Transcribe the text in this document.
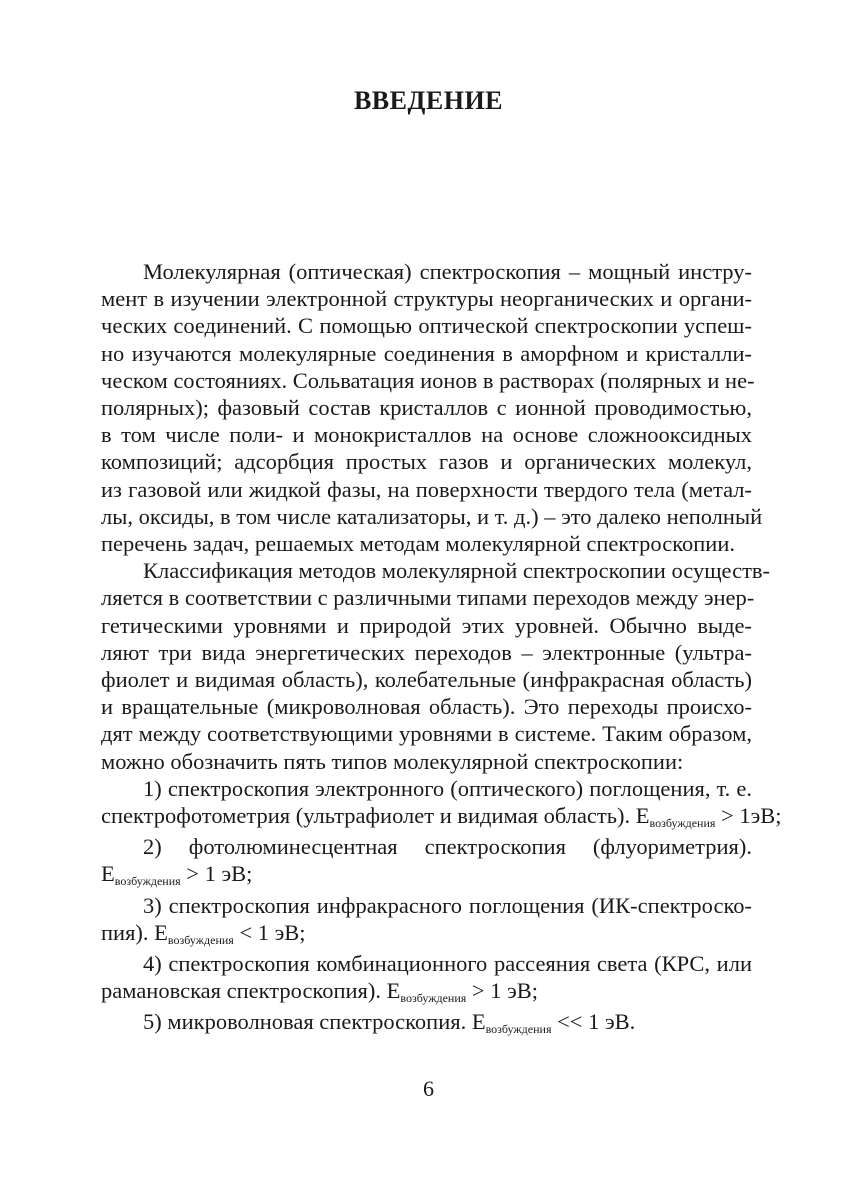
ВВЕДЕНИЕ
Молекулярная (оптическая) спектроскопия – мощный инстру-
мент в изучении электронной структуры неорганических и органи-
ческих соединений. С помощью оптической спектроскопии успеш-
но изучаются молекулярные соединения в аморфном и кристалли-
ческом состояниях. Сольватация ионов в растворах (полярных и не-
полярных); фазовый состав кристаллов с ионной проводимостью,
в том числе поли- и монокристаллов на основе сложнооксидных
композиций; адсорбция простых газов и органических молекул,
из газовой или жидкой фазы, на поверхности твердого тела (метал-
лы, оксиды, в том числе катализаторы, и т. д.) – это далеко неполный
перечень задач, решаемых методам молекулярной спектроскопии.
Классификация методов молекулярной спектроскопии осуществ-
ляется в соответствии с различными типами переходов между энер-
гетическими уровнями и природой этих уровней. Обычно выде-
ляют три вида энергетических переходов – электронные (ультра-
фиолет и видимая область), колебательные (инфракрасная область)
и вращательные (микроволновая область). Это переходы происхо-
дят между соответствующими уровнями в системе. Таким образом,
можно обозначить пять типов молекулярной спектроскопии:
1) спектроскопия электронного (оптического) поглощения, т. е.
спектрофотометрия (ультрафиолет и видимая область). $E_{возбуждения} > 1эВ$;
2) фотолюминесцентная спектроскопия (флуориметрия).
$E_{возбуждения} > 1$ эВ;
3) спектроскопия инфракрасного поглощения (ИК-спектроско-
пия). $E_{возбуждения} < 1$ эВ;
4) спектроскопия комбинационного рассеяния света (КРС, или
рамановская спектроскопия). $E_{возбуждения} > 1$ эВ;
5) микроволновая спектроскопия. $E_{возбуждения} << 1$ эВ.
6
